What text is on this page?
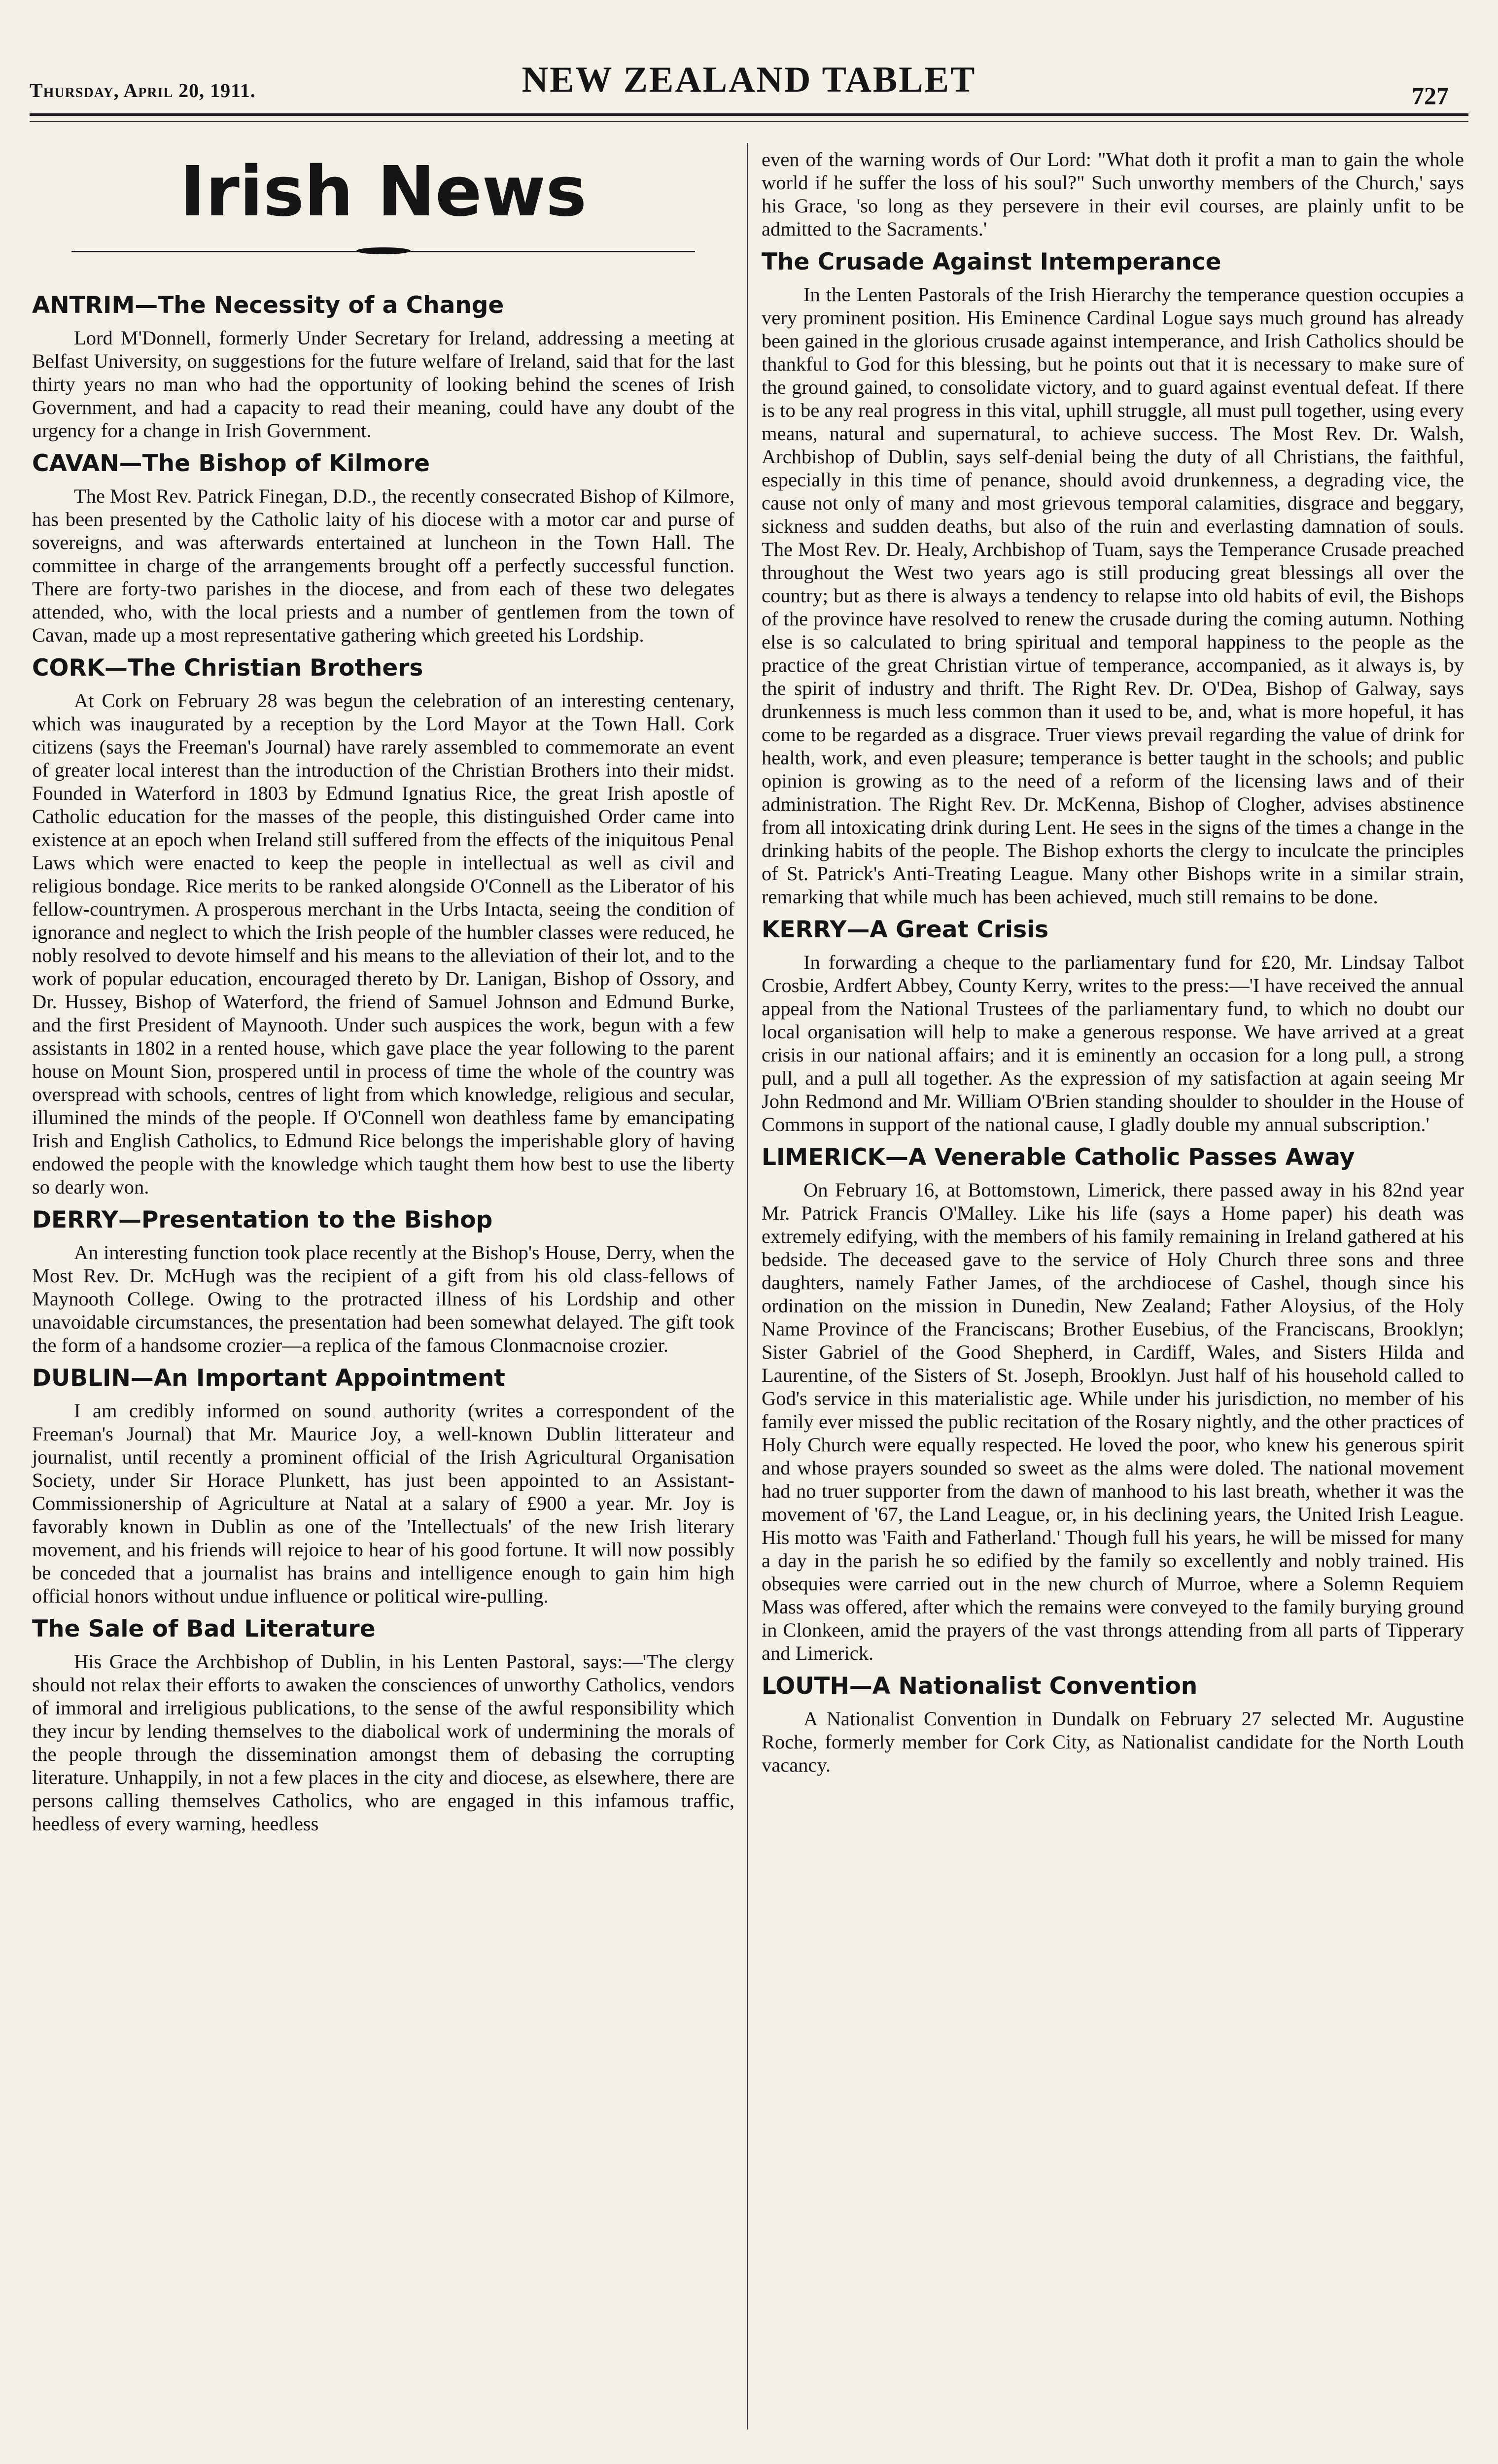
Thursday, April 20, 1911.	NEW ZEALAND TABLET	727
Irish News
ANTRIM—The Necessity of a Change

Lord M'Donnell, formerly Under Secretary for Ireland, addressing a meeting at Belfast University, on suggestions for the future welfare of Ireland, said that for the last thirty years no man who had the opportunity of looking behind the scenes of Irish Government, and had a capacity to read their meaning, could have any doubt of the urgency for a change in Irish Government.

CAVAN—The Bishop of Kilmore

The Most Rev. Patrick Finegan, D.D., the recently consecrated Bishop of Kilmore, has been presented by the Catholic laity of his diocese with a motor car and purse of sovereigns, and was afterwards entertained at luncheon in the Town Hall. The committee in charge of the arrangements brought off a perfectly successful function. There are forty-two parishes in the diocese, and from each of these two delegates attended, who, with the local priests and a number of gentlemen from the town of Cavan, made up a most representative gathering which greeted his Lordship.

CORK—The Christian Brothers

At Cork on February 28 was begun the celebration of an interesting centenary, which was inaugurated by a reception by the Lord Mayor at the Town Hall. Cork citizens (says the Freeman's Journal) have rarely assembled to commemorate an event of greater local interest than the introduction of the Christian Brothers into their midst. Founded in Waterford in 1803 by Edmund Ignatius Rice, the great Irish apostle of Catholic education for the masses of the people, this distinguished Order came into existence at an epoch when Ireland still suffered from the effects of the iniquitous Penal Laws which were enacted to keep the people in intellectual as well as civil and religious bondage. Rice merits to be ranked alongside O'Connell as the Liberator of his fellow-countrymen. A prosperous merchant in the Urbs Intacta, seeing the condition of ignorance and neglect to which the Irish people of the humbler classes were reduced, he nobly resolved to devote himself and his means to the alleviation of their lot, and to the work of popular education, encouraged thereto by Dr. Lanigan, Bishop of Ossory, and Dr. Hussey, Bishop of Waterford, the friend of Samuel Johnson and Edmund Burke, and the first President of Maynooth. Under such auspices the work, begun with a few assistants in 1802 in a rented house, which gave place the year following to the parent house on Mount Sion, prospered until in process of time the whole of the country was overspread with schools, centres of light from which knowledge, religious and secular, illumined the minds of the people. If O'Connell won deathless fame by emancipating Irish and English Catholics, to Edmund Rice belongs the imperishable glory of having endowed the people with the knowledge which taught them how best to use the liberty so dearly won.

DERRY—Presentation to the Bishop

An interesting function took place recently at the Bishop's House, Derry, when the Most Rev. Dr. McHugh was the recipient of a gift from his old class-fellows of Maynooth College. Owing to the protracted illness of his Lordship and other unavoidable circumstances, the presentation had been somewhat delayed. The gift took the form of a handsome crozier—a replica of the famous Clonmacnoise crozier.

DUBLIN—An Important Appointment

I am credibly informed on sound authority (writes a correspondent of the Freeman's Journal) that Mr. Maurice Joy, a well-known Dublin litterateur and journalist, until recently a prominent official of the Irish Agricultural Organisation Society, under Sir Horace Plunkett, has just been appointed to an Assistant-Commissionership of Agriculture at Natal at a salary of £900 a year. Mr. Joy is favorably known in Dublin as one of the 'Intellectuals' of the new Irish literary movement, and his friends will rejoice to hear of his good fortune. It will now possibly be conceded that a journalist has brains and intelligence enough to gain him high official honors without undue influence or political wire-pulling.

The Sale of Bad Literature

His Grace the Archbishop of Dublin, in his Lenten Pastoral, says:—'The clergy should not relax their efforts to awaken the consciences of unworthy Catholics, vendors of immoral and irreligious publications, to the sense of the awful responsibility which they incur by lending themselves to the diabolical work of undermining the morals of the people through the dissemination amongst them of debasing the corrupting literature. Unhappily, in not a few places in the city and diocese, as elsewhere, there are persons calling themselves Catholics, who are engaged in this infamous traffic, heedless of every warning, heedless

even of the warning words of Our Lord: "What doth it profit a man to gain the whole world if he suffer the loss of his soul?" Such unworthy members of the Church,' says his Grace, 'so long as they persevere in their evil courses, are plainly unfit to be admitted to the Sacraments.'

The Crusade Against Intemperance

In the Lenten Pastorals of the Irish Hierarchy the temperance question occupies a very prominent position. His Eminence Cardinal Logue says much ground has already been gained in the glorious crusade against intemperance, and Irish Catholics should be thankful to God for this blessing, but he points out that it is necessary to make sure of the ground gained, to consolidate victory, and to guard against eventual defeat. If there is to be any real progress in this vital, uphill struggle, all must pull together, using every means, natural and supernatural, to achieve success. The Most Rev. Dr. Walsh, Archbishop of Dublin, says self-denial being the duty of all Christians, the faithful, especially in this time of penance, should avoid drunkenness, a degrading vice, the cause not only of many and most grievous temporal calamities, disgrace and beggary, sickness and sudden deaths, but also of the ruin and everlasting damnation of souls. The Most Rev. Dr. Healy, Archbishop of Tuam, says the Temperance Crusade preached throughout the West two years ago is still producing great blessings all over the country; but as there is always a tendency to relapse into old habits of evil, the Bishops of the province have resolved to renew the crusade during the coming autumn. Nothing else is so calculated to bring spiritual and temporal happiness to the people as the practice of the great Christian virtue of temperance, accompanied, as it always is, by the spirit of industry and thrift. The Right Rev. Dr. O'Dea, Bishop of Galway, says drunkenness is much less common than it used to be, and, what is more hopeful, it has come to be regarded as a disgrace. Truer views prevail regarding the value of drink for health, work, and even pleasure; temperance is better taught in the schools; and public opinion is growing as to the need of a reform of the licensing laws and of their administration. The Right Rev. Dr. McKenna, Bishop of Clogher, advises abstinence from all intoxicating drink during Lent. He sees in the signs of the times a change in the drinking habits of the people. The Bishop exhorts the clergy to inculcate the principles of St. Patrick's Anti-Treating League. Many other Bishops write in a similar strain, remarking that while much has been achieved, much still remains to be done.

KERRY—A Great Crisis

In forwarding a cheque to the parliamentary fund for £20, Mr. Lindsay Talbot Crosbie, Ardfert Abbey, County Kerry, writes to the press:—'I have received the annual appeal from the National Trustees of the parliamentary fund, to which no doubt our local organisation will help to make a generous response. We have arrived at a great crisis in our national affairs; and it is eminently an occasion for a long pull, a strong pull, and a pull all together. As the expression of my satisfaction at again seeing Mr John Redmond and Mr. William O'Brien standing shoulder to shoulder in the House of Commons in support of the national cause, I gladly double my annual subscription.'

LIMERICK—A Venerable Catholic Passes Away

On February 16, at Bottomstown, Limerick, there passed away in his 82nd year Mr. Patrick Francis O'Malley. Like his life (says a Home paper) his death was extremely edifying, with the members of his family remaining in Ireland gathered at his bedside. The deceased gave to the service of Holy Church three sons and three daughters, namely Father James, of the archdiocese of Cashel, though since his ordination on the mission in Dunedin, New Zealand; Father Aloysius, of the Holy Name Province of the Franciscans; Brother Eusebius, of the Franciscans, Brooklyn; Sister Gabriel of the Good Shepherd, in Cardiff, Wales, and Sisters Hilda and Laurentine, of the Sisters of St. Joseph, Brooklyn. Just half of his household called to God's service in this materialistic age. While under his jurisdiction, no member of his family ever missed the public recitation of the Rosary nightly, and the other practices of Holy Church were equally respected. He loved the poor, who knew his generous spirit and whose prayers sounded so sweet as the alms were doled. The national movement had no truer supporter from the dawn of manhood to his last breath, whether it was the movement of '67, the Land League, or, in his declining years, the United Irish League. His motto was 'Faith and Fatherland.' Though full his years, he will be missed for many a day in the parish he so edified by the family so excellently and nobly trained. His obsequies were carried out in the new church of Murroe, where a Solemn Requiem Mass was offered, after which the remains were conveyed to the family burying ground in Clonkeen, amid the prayers of the vast throngs attending from all parts of Tipperary and Limerick.

LOUTH—A Nationalist Convention

A Nationalist Convention in Dundalk on February 27 selected Mr. Augustine Roche, formerly member for Cork City, as Nationalist candidate for the North Louth vacancy.
